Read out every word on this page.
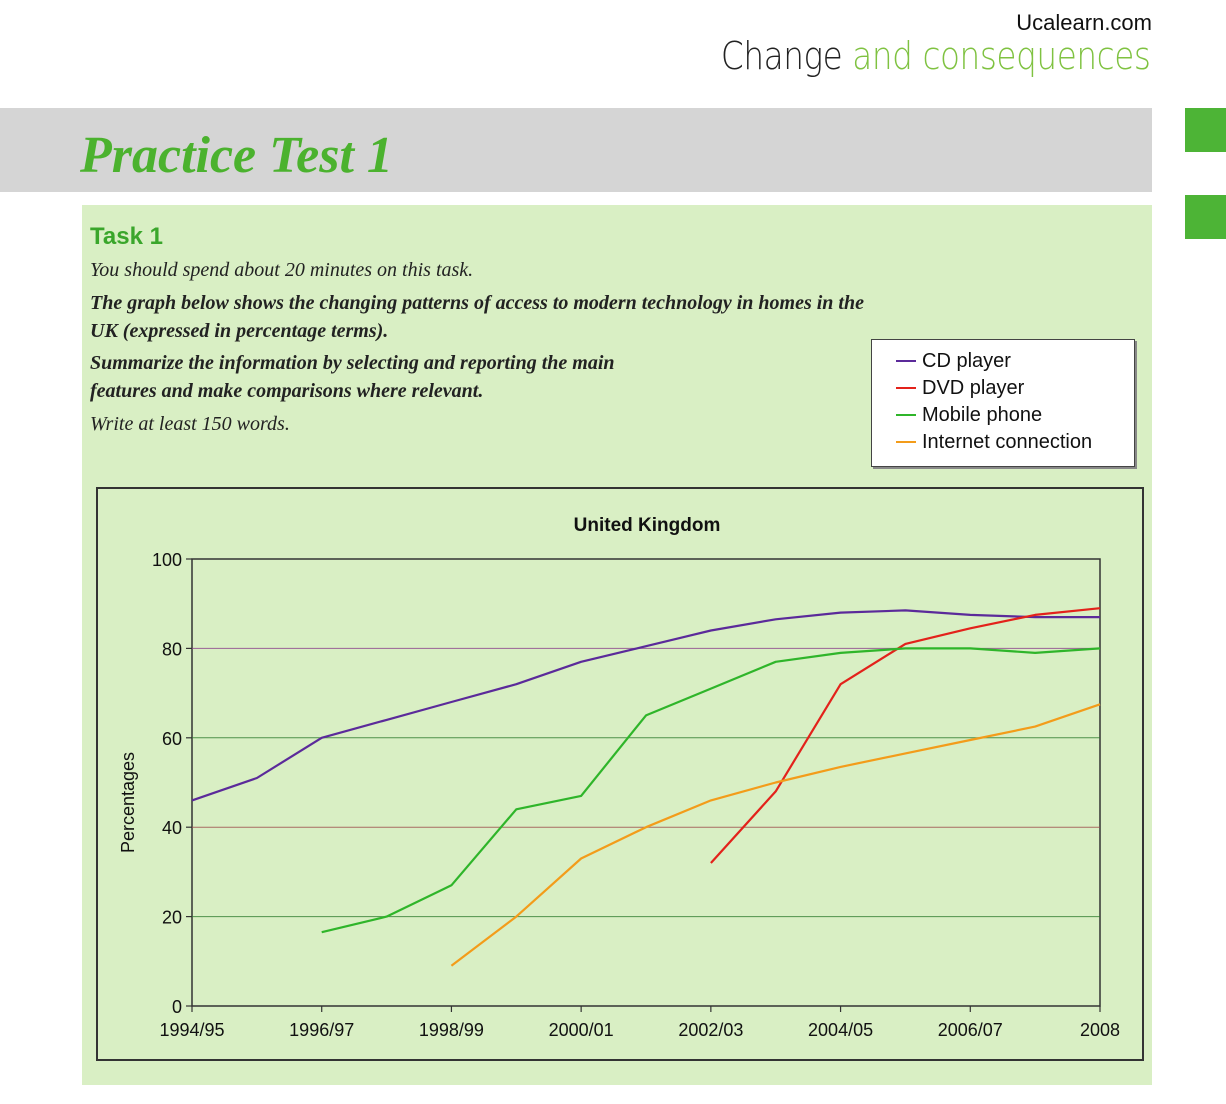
Ucalearn.com
Change and consequences
Practice Test 1
Task 1
You should spend about 20 minutes on this task.
The graph below shows the changing patterns of access to modern technology in homes in the
UK (expressed in percentage terms).
Summarize the information by selecting and reporting the main
features and make comparisons where relevant.
Write at least 150 words.
CD player
DVD player
Mobile phone
Internet connection
0
20
40
60
80
100
1994/95	1996/97	1998/99	2000/01	2002/03	2004/05	2006/07	2008
United Kingdom
Percentages
